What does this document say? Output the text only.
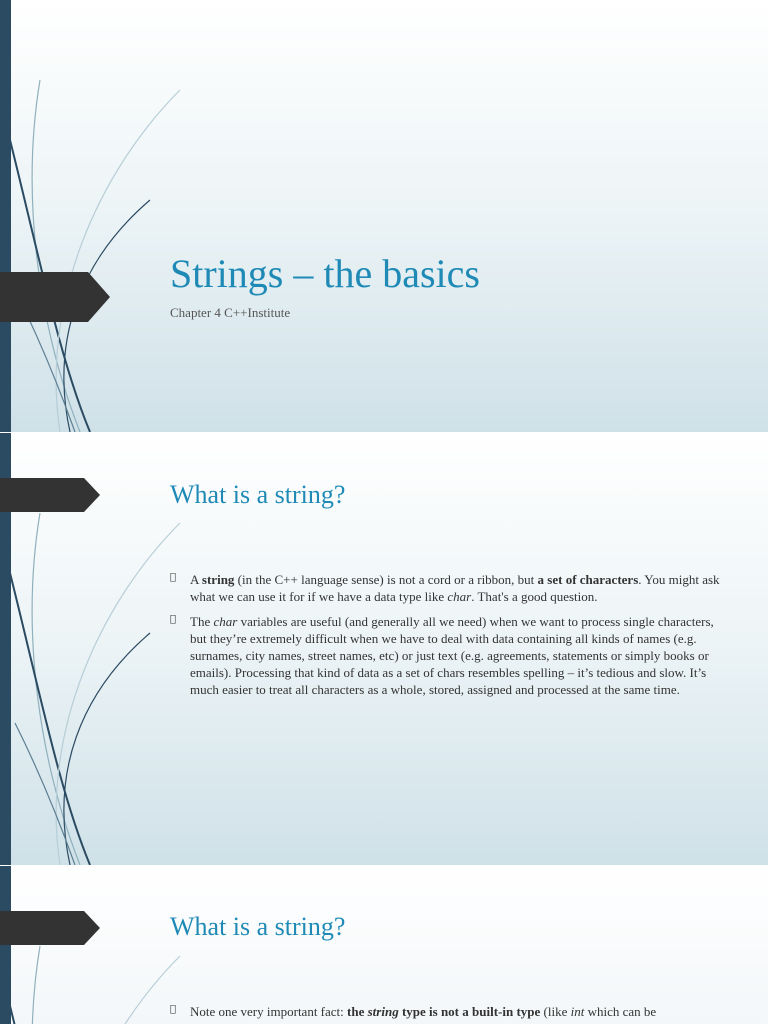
Strings – the basics

Chapter 4 C++Institute

What is a string?
A string (in the C++ language sense) is not a cord or a ribbon, but a set of characters. You might ask what we can use it for if we have a data type like char. That's a good question.
The char variables are useful (and generally all we need) when we want to process single characters, but they’re extremely difficult when we have to deal with data containing all kinds of names (e.g. surnames, city names, street names, etc) or just text (e.g. agreements, statements or simply books or emails). Processing that kind of data as a set of chars resembles spelling – it’s tedious and slow. It’s much easier to treat all characters as a whole, stored, assigned and processed at the same time.
What is a string?
Note one very important fact: the string type is not a built-in type (like int which can be
